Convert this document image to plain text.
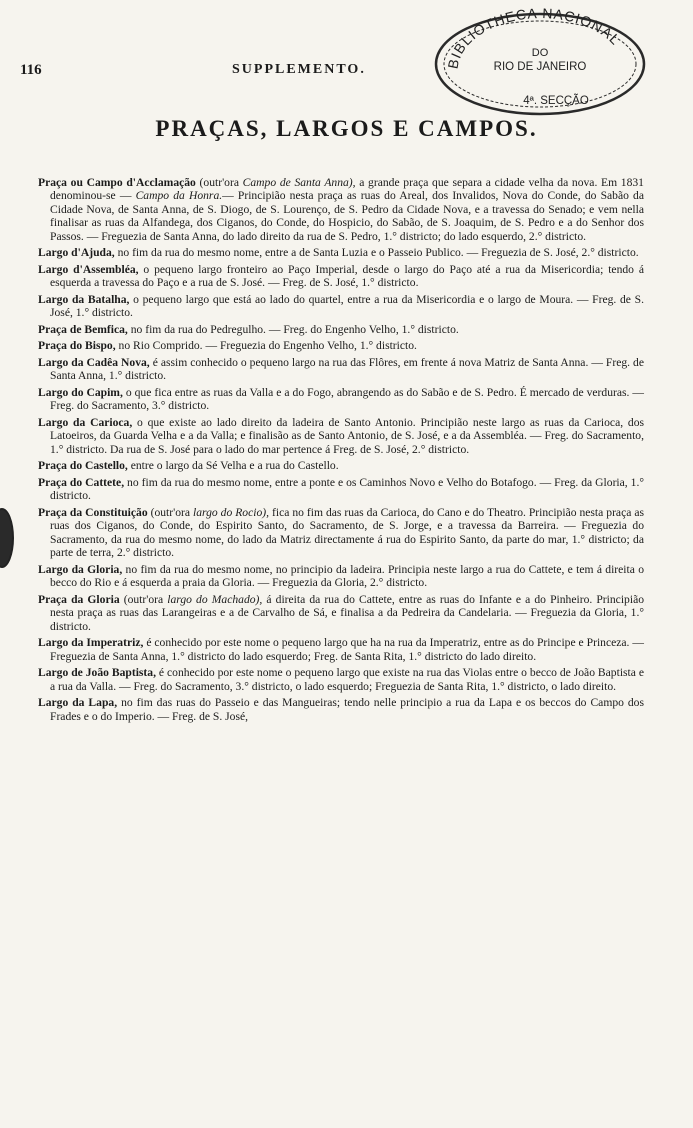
116	SUPPLEMENTO.	BIBLIOTHECA NACIONAL
DO
RIO DE JANEIRO
4ª. SECÇÃO
PRAÇAS, LARGOS E CAMPOS.

Praça ou Campo d'Acclamação (outr'ora Campo de Santa Anna), a grande praça que separa a cidade velha da nova. Em 1831 denominou-se — Campo da Honra.— Principião nesta praça as ruas do Areal, dos Invalidos, Nova do Conde, do Sabão da Cidade Nova, de Santa Anna, de S. Diogo, de S. Lourenço, de S. Pedro da Cidade Nova, e a travessa do Senado; e vem nella finalisar as ruas da Alfandega, dos Ciganos, do Conde, do Hospicio, do Sabão, de S. Joaquim, de S. Pedro e a do Senhor dos Passos. — Freguezia de Santa Anna, do lado direito da rua de S. Pedro, 1.° districto; do lado esquerdo, 2.° districto.

Largo d'Ajuda, no fim da rua do mesmo nome, entre a de Santa Luzia e o Passeio Publico. — Freguezia de S. José, 2.° districto.

Largo d'Assembléa, o pequeno largo fronteiro ao Paço Imperial, desde o largo do Paço até a rua da Misericordia; tendo á esquerda a travessa do Paço e a rua de S. José. — Freg. de S. José, 1.° districto.

Largo da Batalha, o pequeno largo que está ao lado do quartel, entre a rua da Misericordia e o largo de Moura. — Freg. de S. José, 1.° districto.

Praça de Bemfica, no fim da rua do Pedregulho. — Freg. do Engenho Velho, 1.° districto.

Praça do Bispo, no Rio Comprido. — Freguezia do Engenho Velho, 1.° districto.

Largo da Cadêa Nova, é assim conhecido o pequeno largo na rua das Flôres, em frente á nova Matriz de Santa Anna. — Freg. de Santa Anna, 1.° districto.

Largo do Capim, o que fica entre as ruas da Valla e a do Fogo, abrangendo as do Sabão e de S. Pedro. É mercado de verduras. — Freg. do Sacramento, 3.° districto.

Largo da Carioca, o que existe ao lado direito da ladeira de Santo Antonio. Principião neste largo as ruas da Carioca, dos Latoeiros, da Guarda Velha e a da Valla; e finalisão as de Santo Antonio, de S. José, e a da Assembléa. — Freg. do Sacramento, 1.° districto. Da rua de S. José para o lado do mar pertence á Freg. de S. José, 2.° districto.

Praça do Castello, entre o largo da Sé Velha e a rua do Castello.

Praça do Cattete, no fim da rua do mesmo nome, entre a ponte e os Caminhos Novo e Velho do Botafogo. — Freg. da Gloria, 1.° districto.

Praça da Constituição (outr'ora largo do Rocio), fica no fim das ruas da Carioca, do Cano e do Theatro. Principião nesta praça as ruas dos Ciganos, do Conde, do Espirito Santo, do Sacramento, de S. Jorge, e a travessa da Barreira. — Freguezia do Sacramento, da rua do mesmo nome, do lado da Matriz directamente á rua do Espirito Santo, da parte do mar, 1.° districto; da parte de terra, 2.° districto.

Largo da Gloria, no fim da rua do mesmo nome, no principio da ladeira. Principia neste largo a rua do Cattete, e tem á direita o becco do Rio e á esquerda a praia da Gloria. — Freguezia da Gloria, 2.° districto.

Praça da Gloria (outr'ora largo do Machado), á direita da rua do Cattete, entre as ruas do Infante e a do Pinheiro. Principião nesta praça as ruas das Larangeiras e a de Carvalho de Sá, e finalisa a da Pedreira da Candelaria. — Freguezia da Gloria, 1.° districto.

Largo da Imperatriz, é conhecido por este nome o pequeno largo que ha na rua da Imperatriz, entre as do Principe e Princeza. — Freguezia de Santa Anna, 1.° districto do lado esquerdo; Freg. de Santa Rita, 1.° districto do lado direito.

Largo de João Baptista, é conhecido por este nome o pequeno largo que existe na rua das Violas entre o becco de João Baptista e a rua da Valla. — Freg. do Sacramento, 3.° districto, o lado esquerdo; Freguezia de Santa Rita, 1.° districto, o lado direito.

Largo da Lapa, no fim das ruas do Passeio e das Mangueiras; tendo nelle principio a rua da Lapa e os beccos do Campo dos Frades e o do Imperio. — Freg. de S. José,
